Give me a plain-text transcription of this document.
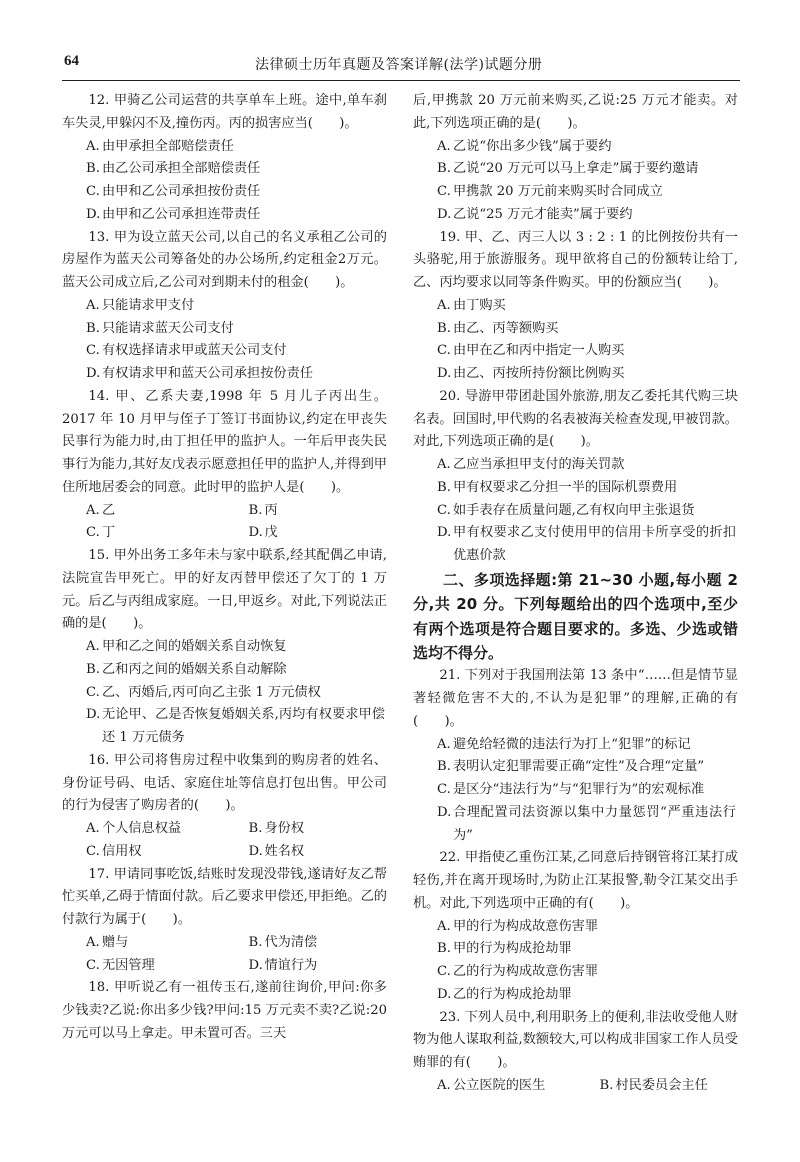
64	法律硕士历年真题及答案详解(法学)试题分册

12. 甲骑乙公司运营的共享单车上班。途中,单车刹车失灵,甲躲闪不及,撞伤丙。丙的损害应当(　　)。

A. 由甲承担全部赔偿责任

B. 由乙公司承担全部赔偿责任

C. 由甲和乙公司承担按份责任

D. 由甲和乙公司承担连带责任

13. 甲为设立蓝天公司,以自己的名义承租乙公司的房屋作为蓝天公司筹备处的办公场所,约定租金2万元。蓝天公司成立后,乙公司对到期未付的租金(　　)。

A. 只能请求甲支付

B. 只能请求蓝天公司支付

C. 有权选择请求甲或蓝天公司支付

D. 有权请求甲和蓝天公司承担按份责任

14. 甲、乙系夫妻,1998 年 5 月儿子丙出生。2017 年 10 月甲与侄子丁签订书面协议,约定在甲丧失民事行为能力时,由丁担任甲的监护人。一年后甲丧失民事行为能力,其好友戊表示愿意担任甲的监护人,并得到甲住所地居委会的同意。此时甲的监护人是(　　)。

A. 乙	B. 丙

C. 丁	D. 戊

15. 甲外出务工多年未与家中联系,经其配偶乙申请,法院宣告甲死亡。甲的好友丙替甲偿还了欠丁的 1 万元。后乙与丙组成家庭。一日,甲返乡。对此,下列说法正确的是(　　)。

A. 甲和乙之间的婚姻关系自动恢复

B. 乙和丙之间的婚姻关系自动解除

C. 乙、丙婚后,丙可向乙主张 1 万元债权

D. 无论甲、乙是否恢复婚姻关系,丙均有权要求甲偿还 1 万元债务

16. 甲公司将售房过程中收集到的购房者的姓名、身份证号码、电话、家庭住址等信息打包出售。甲公司的行为侵害了购房者的(　　)。

A. 个人信息权益	B. 身份权

C. 信用权	D. 姓名权

17. 甲请同事吃饭,结账时发现没带钱,遂请好友乙帮忙买单,乙碍于情面付款。后乙要求甲偿还,甲拒绝。乙的付款行为属于(　　)。

A. 赠与	B. 代为清偿

C. 无因管理	D. 情谊行为

18. 甲听说乙有一祖传玉石,遂前往询价,甲问:你多少钱卖?乙说:你出多少钱?甲问:15 万元卖不卖?乙说:20 万元可以马上拿走。甲未置可否。三天

后,甲携款 20 万元前来购买,乙说:25 万元才能卖。对此,下列选项正确的是(　　)。

A. 乙说“你出多少钱”属于要约

B. 乙说“20 万元可以马上拿走”属于要约邀请

C. 甲携款 20 万元前来购买时合同成立

D. 乙说“25 万元才能卖”属于要约

19. 甲、乙、丙三人以 3 : 2 : 1 的比例按份共有一头骆驼,用于旅游服务。现甲欲将自己的份额转让给丁,乙、丙均要求以同等条件购买。甲的份额应当(　　)。

A. 由丁购买

B. 由乙、丙等额购买

C. 由甲在乙和丙中指定一人购买

D. 由乙、丙按所持份额比例购买

20. 导游甲带团赴国外旅游,朋友乙委托其代购三块名表。回国时,甲代购的名表被海关检查发现,甲被罚款。对此,下列选项正确的是(　　)。

A. 乙应当承担甲支付的海关罚款

B. 甲有权要求乙分担一半的国际机票费用

C. 如手表存在质量问题,乙有权向甲主张退货

D. 甲有权要求乙支付使用甲的信用卡所享受的折扣优惠价款

二、多项选择题:第 21~30 小题,每小题 2 分,共 20 分。下列每题给出的四个选项中,至少有两个选项是符合题目要求的。多选、少选或错选均不得分。

21. 下列对于我国刑法第 13 条中“……但是情节显著轻微危害不大的,不认为是犯罪”的理解,正确的有(　　)。

A. 避免给轻微的违法行为打上“犯罪”的标记

B. 表明认定犯罪需要正确“定性”及合理“定量”

C. 是区分“违法行为”与“犯罪行为”的宏观标准

D. 合理配置司法资源以集中力量惩罚“严重违法行为”

22. 甲指使乙重伤江某,乙同意后持钢管将江某打成轻伤,并在离开现场时,为防止江某报警,勒令江某交出手机。对此,下列选项中正确的有(　　)。

A. 甲的行为构成故意伤害罪

B. 甲的行为构成抢劫罪

C. 乙的行为构成故意伤害罪

D. 乙的行为构成抢劫罪

23. 下列人员中,利用职务上的便利,非法收受他人财物为他人谋取利益,数额较大,可以构成非国家工作人员受贿罪的有(　　)。

A. 公立医院的医生	B. 村民委员会主任
